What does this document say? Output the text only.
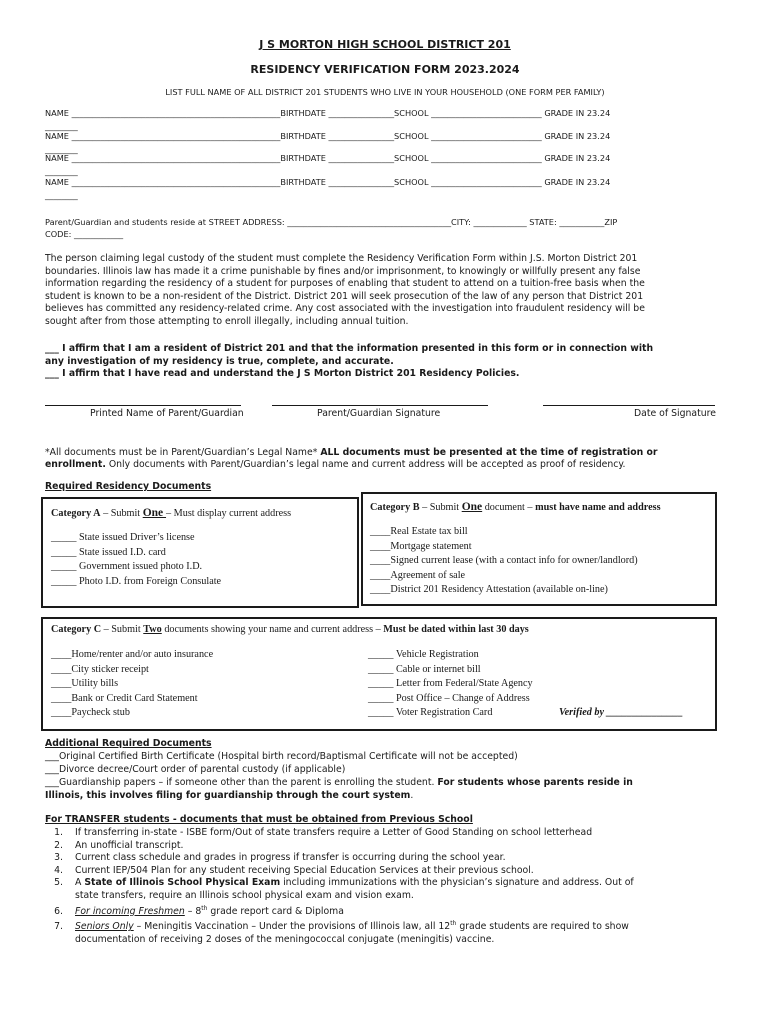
J S MORTON HIGH SCHOOL DISTRICT 201
RESIDENCY VERIFICATION FORM 2023.2024
LIST FULL NAME OF ALL DISTRICT 201 STUDENTS WHO LIVE IN YOUR HOUSEHOLD (ONE FORM PER FAMILY)
NAME ___________________________________________________BIRTHDATE ________________SCHOOL ___________________________ GRADE IN 23.24
________
NAME ___________________________________________________BIRTHDATE ________________SCHOOL ___________________________ GRADE IN 23.24
________
NAME ___________________________________________________BIRTHDATE ________________SCHOOL ___________________________ GRADE IN 23.24
________
NAME ___________________________________________________BIRTHDATE ________________SCHOOL ___________________________ GRADE IN 23.24
________
Parent/Guardian and students reside at STREET ADDRESS: ________________________________________CITY: _____________ STATE: ___________ZIP
CODE: ____________
The person claiming legal custody of the student must complete the Residency Verification Form within J.S. Morton District 201
boundaries. Illinois law has made it a crime punishable by fines and/or imprisonment, to knowingly or willfully present any false
information regarding the residency of a student for purposes of enabling that student to attend on a tuition-free basis when the
student is known to be a non-resident of the District. District 201 will seek prosecution of the law of any person that District 201
believes has committed any residency-related crime. Any cost associated with the investigation into fraudulent residency will be
sought after from those attempting to enroll illegally, including annual tuition.
___ I affirm that I am a resident of District 201 and that the information presented in this form or in connection with
any investigation of my residency is true, complete, and accurate.
___ I affirm that I have read and understand the J S Morton District 201 Residency Policies.
Printed Name of Parent/Guardian	Parent/Guardian Signature	Date of Signature
*All documents must be in Parent/Guardian’s Legal Name* ALL documents must be presented at the time of registration or
enrollment. Only documents with Parent/Guardian’s legal name and current address will be accepted as proof of residency.
Required Residency Documents
Category A – Submit One – Must display current address
_____ State issued Driver’s license
_____ State issued I.D. card
_____ Government issued photo I.D.
_____ Photo I.D. from Foreign Consulate
Category B – Submit One document – must have name and address
____Real Estate tax bill
____Mortgage statement
____Signed current lease (with a contact info for owner/landlord)
____Agreement of sale
____District 201 Residency Attestation (available on-line)
Category C – Submit Two documents showing your name and current address – Must be dated within last 30 days
____Home/renter and/or auto insurance
____City sticker receipt
____Utility bills
____Bank or Credit Card Statement
____Paycheck stub
_____ Vehicle Registration
_____ Cable or internet bill
_____ Letter from Federal/State Agency
_____ Post Office – Change of Address
_____ Voter Registration Card	Verified by _______________
Additional Required Documents
___Original Certified Birth Certificate (Hospital birth record/Baptismal Certificate will not be accepted)
___Divorce decree/Court order of parental custody (if applicable)
___Guardianship papers – if someone other than the parent is enrolling the student. For students whose parents reside in
Illinois, this involves filing for guardianship through the court system.
For TRANSFER students - documents that must be obtained from Previous School
1. If transferring in-state - ISBE form/Out of state transfers require a Letter of Good Standing on school letterhead
2. An unofficial transcript.
3. Current class schedule and grades in progress if transfer is occurring during the school year.
4. Current IEP/504 Plan for any student receiving Special Education Services at their previous school.
5. A State of Illinois School Physical Exam including immunizations with the physician’s signature and address. Out of
state transfers, require an Illinois school physical exam and vision exam.
6. For incoming Freshmen – 8th grade report card & Diploma
7. Seniors Only – Meningitis Vaccination – Under the provisions of Illinois law, all 12th grade students are required to show
documentation of receiving 2 doses of the meningococcal conjugate (meningitis) vaccine.
